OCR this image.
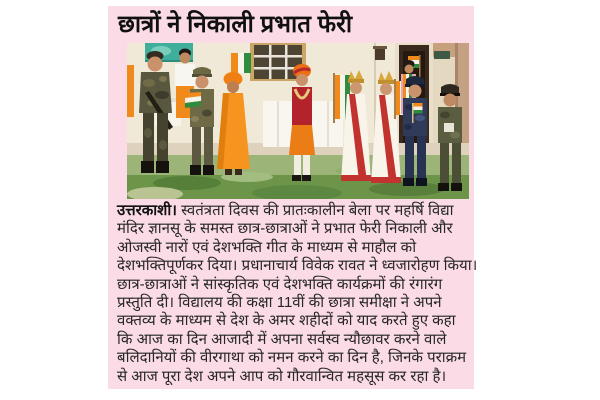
छात्रों ने निकाली प्रभात फेरी
उत्तरकाशी। स्वतंत्रता दिवस की प्रातःकालीन बेला पर महर्षि विद्या
मंदिर ज्ञानसू के समस्त छात्र-छात्राओं ने प्रभात फेरी निकाली और
ओजस्वी नारों एवं देशभक्ति गीत के माध्यम से माहौल को
देशभक्तिपूर्णकर दिया। प्रधानाचार्य विवेक रावत ने ध्वजारोहण किया।
छात्र-छात्राओं ने सांस्कृतिक एवं देशभक्ति कार्यक्रमों की रंगारंग
प्रस्तुति दी। विद्यालय की कक्षा 11वीं की छात्रा समीक्षा ने अपने
वक्तव्य के माध्यम से देश के अमर शहीदों को याद करते हुए कहा
कि आज का दिन आजादी में अपना सर्वस्व न्यौछावर करने वाले
बलिदानियों की वीरगाथा को नमन करने का दिन है, जिनके पराक्रम
से आज पूरा देश अपने आप को गौरवान्वित महसूस कर रहा है।
